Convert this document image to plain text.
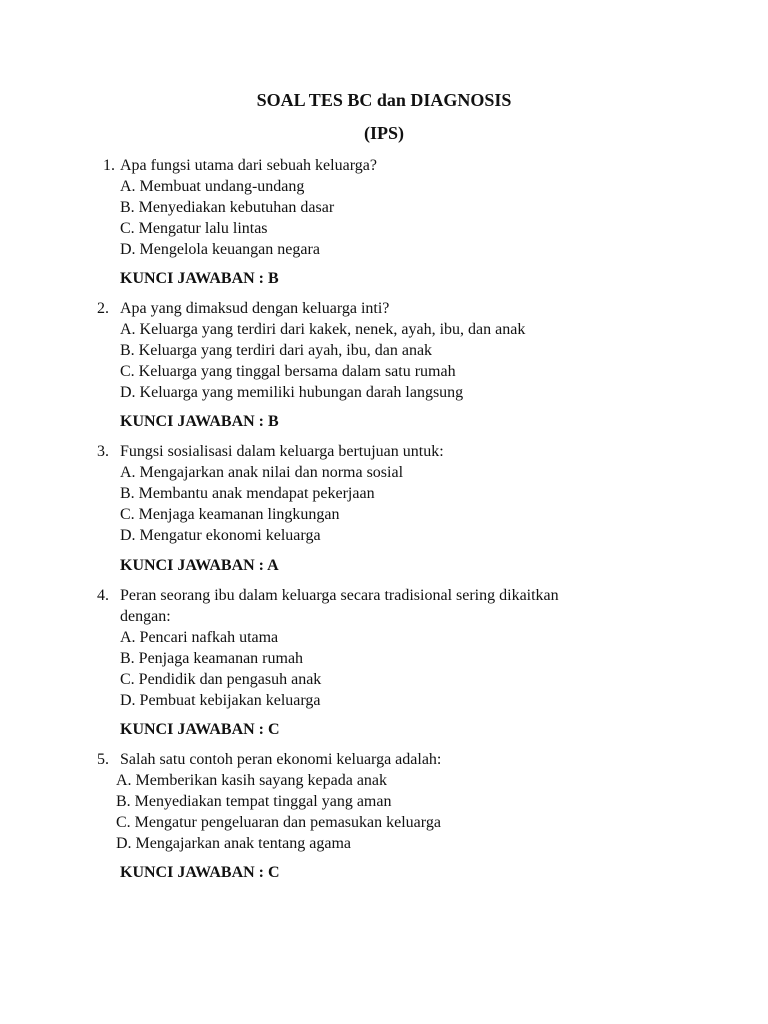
SOAL TES BC dan DIAGNOSIS
(IPS)
1. Apa fungsi utama dari sebuah keluarga?
A. Membuat undang-undang
B. Menyediakan kebutuhan dasar
C. Mengatur lalu lintas
D. Mengelola keuangan negara
KUNCI JAWABAN : B
2. Apa yang dimaksud dengan keluarga inti?
A. Keluarga yang terdiri dari kakek, nenek, ayah, ibu, dan anak
B. Keluarga yang terdiri dari ayah, ibu, dan anak
C. Keluarga yang tinggal bersama dalam satu rumah
D. Keluarga yang memiliki hubungan darah langsung
KUNCI JAWABAN : B
3. Fungsi sosialisasi dalam keluarga bertujuan untuk:
A. Mengajarkan anak nilai dan norma sosial
B. Membantu anak mendapat pekerjaan
C. Menjaga keamanan lingkungan
D. Mengatur ekonomi keluarga
KUNCI JAWABAN : A
4. Peran seorang ibu dalam keluarga secara tradisional sering dikaitkan
dengan:
A. Pencari nafkah utama
B. Penjaga keamanan rumah
C. Pendidik dan pengasuh anak
D. Pembuat kebijakan keluarga
KUNCI JAWABAN : C
5. Salah satu contoh peran ekonomi keluarga adalah:
A. Memberikan kasih sayang kepada anak
B. Menyediakan tempat tinggal yang aman
C. Mengatur pengeluaran dan pemasukan keluarga
D. Mengajarkan anak tentang agama
KUNCI JAWABAN : C
